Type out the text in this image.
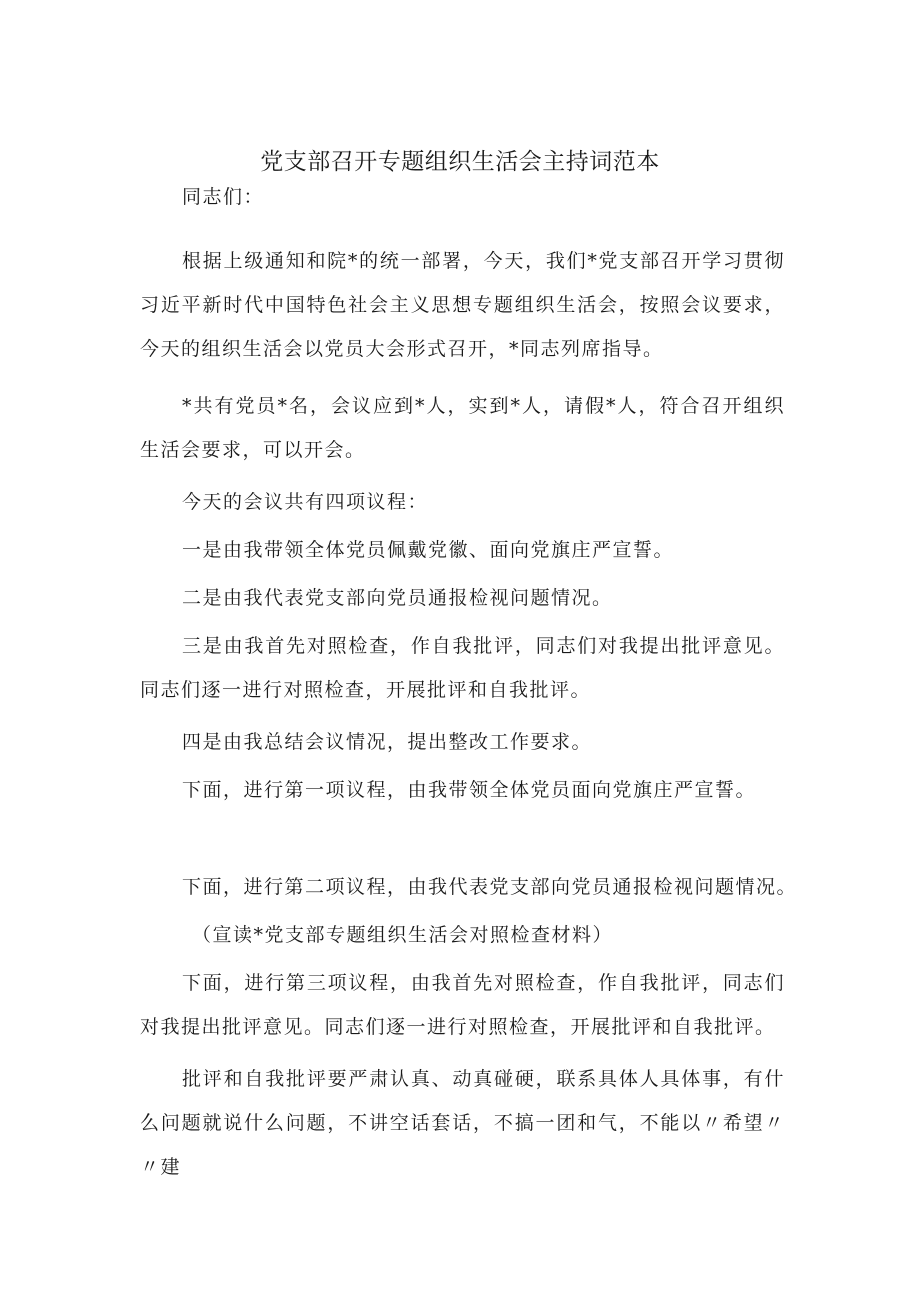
党支部召开专题组织生活会主持词范本

同志们：

根据上级通知和院*的统一部署，今天，我们*党支部召开学习贯彻习近平新时代中国特色社会主义思想专题组织生活会，按照会议要求，今天的组织生活会以党员大会形式召开，*同志列席指导。

*共有党员*名，会议应到*人，实到*人，请假*人，符合召开组织生活会要求，可以开会。

今天的会议共有四项议程：

一是由我带领全体党员佩戴党徽、面向党旗庄严宣誓。

二是由我代表党支部向党员通报检视问题情况。

三是由我首先对照检查，作自我批评，同志们对我提出批评意见。同志们逐一进行对照检查，开展批评和自我批评。

四是由我总结会议情况，提出整改工作要求。

下面，进行第一项议程，由我带领全体党员面向党旗庄严宣誓。

下面，进行第二项议程，由我代表党支部向党员通报检视问题情况。

（宣读*党支部专题组织生活会对照检查材料）

下面，进行第三项议程，由我首先对照检查，作自我批评，同志们对我提出批评意见。同志们逐一进行对照检查，开展批评和自我批评。

批评和自我批评要严肃认真、动真碰硬，联系具体人具体事，有什么问题就说什么问题，不讲空话套话，不搞一团和气，不能以〃希望〃〃建
